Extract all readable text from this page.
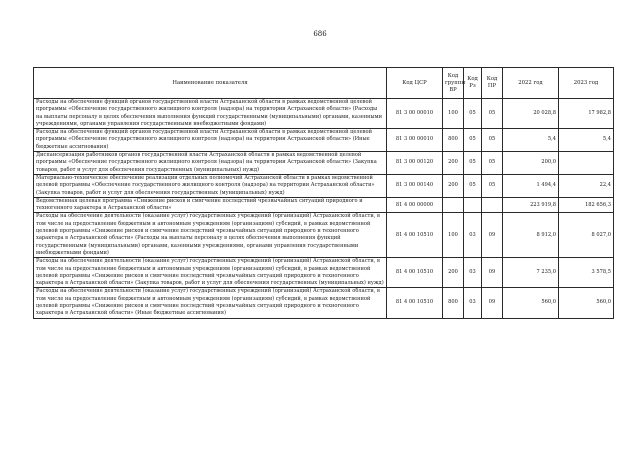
686
Наименование показателя	Код ЦСР	Код группы ВР	Код Рз	Код ПР	2022 год	2023 год
Расходы на обеспечение функций органов государственной власти Астраханской области в рамках ведомственной целевой программы «Обеспечение государственного жилищного контроля (надзора) на территории Астраханской области» (Расходы на выплаты персоналу в целях обеспечения выполнения функций государственными (муниципальными) органами, казенными учреждениями, органами управления государственными внебюджетными фондами)	81 3 00 00010	100	05	05	20 028,8	17 982,8
Расходы на обеспечение функций органов государственной власти Астраханской области в рамках ведомственной целевой программы «Обеспечение государственного жилищного контроля (надзора) на территории Астраханской области» (Иные бюджетные ассигнования)	81 3 00 00010	800	05	05	5,4	5,4
Диспансеризация работников органов государственной власти Астраханской области в рамках ведомственной целевой программы «Обеспечение государственного жилищного контроля (надзора) на территории Астраханской области» (Закупка товаров, работ и услуг для обеспечения государственных (муниципальных) нужд)	81 3 00 00120	200	05	05	200,0	
Материально-техническое обеспечение реализации отдельных полномочий Астраханской области в рамках ведомственной целевой программы «Обеспечение государственного жилищного контроля (надзора) на территории Астраханской области» (Закупка товаров, работ и услуг для обеспечения государственных (муниципальных) нужд)	81 3 00 00140	200	05	05	1 494,4	22,4
Ведомственная целевая программа «Снижение рисков и смягчение последствий чрезвычайных ситуаций природного и техногенного характера в Астраханской области»	81 4 00 00000				223 919,8	182 656,3
Расходы на обеспечение деятельности (оказание услуг) государственных учреждений (организаций) Астраханской области, в том числе на предоставление бюджетным и автономным учреждениям (организациям) субсидий, в рамках ведомственной целевой программы «Снижение рисков и смягчение последствий чрезвычайных ситуаций природного и техногенного характера в Астраханской области» (Расходы на выплаты персоналу в целях обеспечения выполнения функций государственными (муниципальными) органами, казенными учреждениями, органами управления государственными внебюджетными фондами)	81 4 00 10510	100	03	09	8 912,0	8 027,0
Расходы на обеспечение деятельности (оказание услуг) государственных учреждений (организаций) Астраханской области, в том числе на предоставление бюджетным и автономным учреждениям (организациям) субсидий, в рамках ведомственной целевой программы «Снижение рисков и смягчение последствий чрезвычайных ситуаций природного и техногенного характера в Астраханской области» (Закупка товаров, работ и услуг для обеспечения государственных (муниципальных) нужд)	81 4 00 10510	200	03	09	7 235,0	3 578,5
Расходы на обеспечение деятельности (оказание услуг) государственных учреждений (организаций) Астраханской области, в том числе на предоставление бюджетным и автономным учреждениям (организациям) субсидий, в рамках ведомственной целевой программы «Снижение рисков и смягчение последствий чрезвычайных ситуаций природного и техногенного характера в Астраханской области» (Иные бюджетные ассигнования)	81 4 00 10510	800	03	09	560,0	560,0
